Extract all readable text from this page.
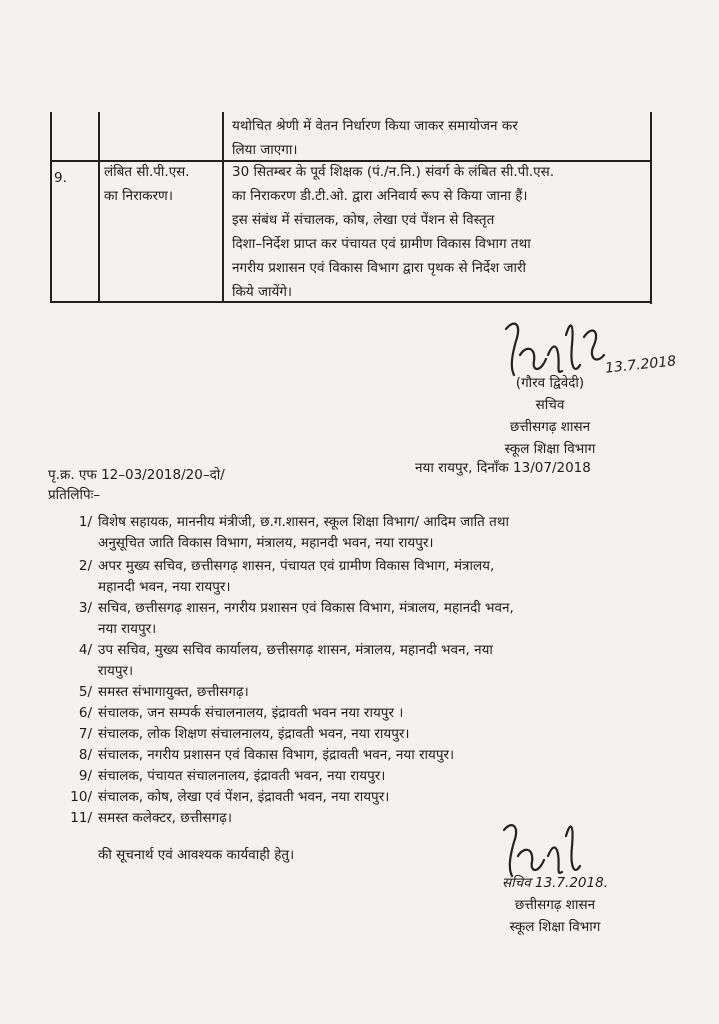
यथोचित श्रेणी में वेतन निर्धारण किया जाकर समायोजन कर
लिया जाएगा।
9.	लंबित सी.पी.एस.
का निराकरण।
30 सितम्बर के पूर्व शिक्षक (पं./न.नि.) संवर्ग के लंबित सी.पी.एस.
का निराकरण डी.टी.ओ. द्वारा अनिवार्य रूप से किया जाना हैं।
इस संबंध में संचालक, कोष, लेखा एवं पेंशन से विस्तृत
दिशा–निर्देश प्राप्त कर पंचायत एवं ग्रामीण विकास विभाग तथा
नगरीय प्रशासन एवं विकास विभाग द्वारा पृथक से निर्देश जारी
किये जायेंगे।
13.7.2018
(गौरव द्विवेदी)
सचिव
छत्तीसगढ़ शासन
स्कूल शिक्षा विभाग
पृ.क्र. एफ 12–03/2018/20–दो/	नया रायपुर, दिनाँक 13/07/2018
प्रतिलिपिः–
1/ विशेष सहायक, माननीय मंत्रीजी, छ.ग.शासन, स्कूल शिक्षा विभाग/ आदिम जाति तथा
अनुसूचित जाति विकास विभाग, मंत्रालय, महानदी भवन, नया रायपुर।
2/ अपर मुख्य सचिव, छत्तीसगढ़ शासन, पंचायत एवं ग्रामीण विकास विभाग, मंत्रालय,
महानदी भवन, नया रायपुर।
3/ सचिव, छत्तीसगढ़ शासन, नगरीय प्रशासन एवं विकास विभाग, मंत्रालय, महानदी भवन,
नया रायपुर।
4/ उप सचिव, मुख्य सचिव कार्यालय, छत्तीसगढ़ शासन, मंत्रालय, महानदी भवन, नया
रायपुर।
5/ समस्त संभागायुक्त, छत्तीसगढ़।
6/ संचालक, जन सम्पर्क संचालनालय, इंद्रावती भवन नया रायपुर ।
7/ संचालक, लोक शिक्षण संचालनालय, इंद्रावती भवन, नया रायपुर।
8/ संचालक, नगरीय प्रशासन एवं विकास विभाग, इंद्रावती भवन, नया रायपुर।
9/ संचालक, पंचायत संचालनालय, इंद्रावती भवन, नया रायपुर।
10/ संचालक, कोष, लेखा एवं पेंशन, इंद्रावती भवन, नया रायपुर।
11/ समस्त कलेक्टर, छत्तीसगढ़।
की सूचनार्थ एवं आवश्यक कार्यवाही हेतु।
सचिव 13.7.2018.
छत्तीसगढ़ शासन
स्कूल शिक्षा विभाग
